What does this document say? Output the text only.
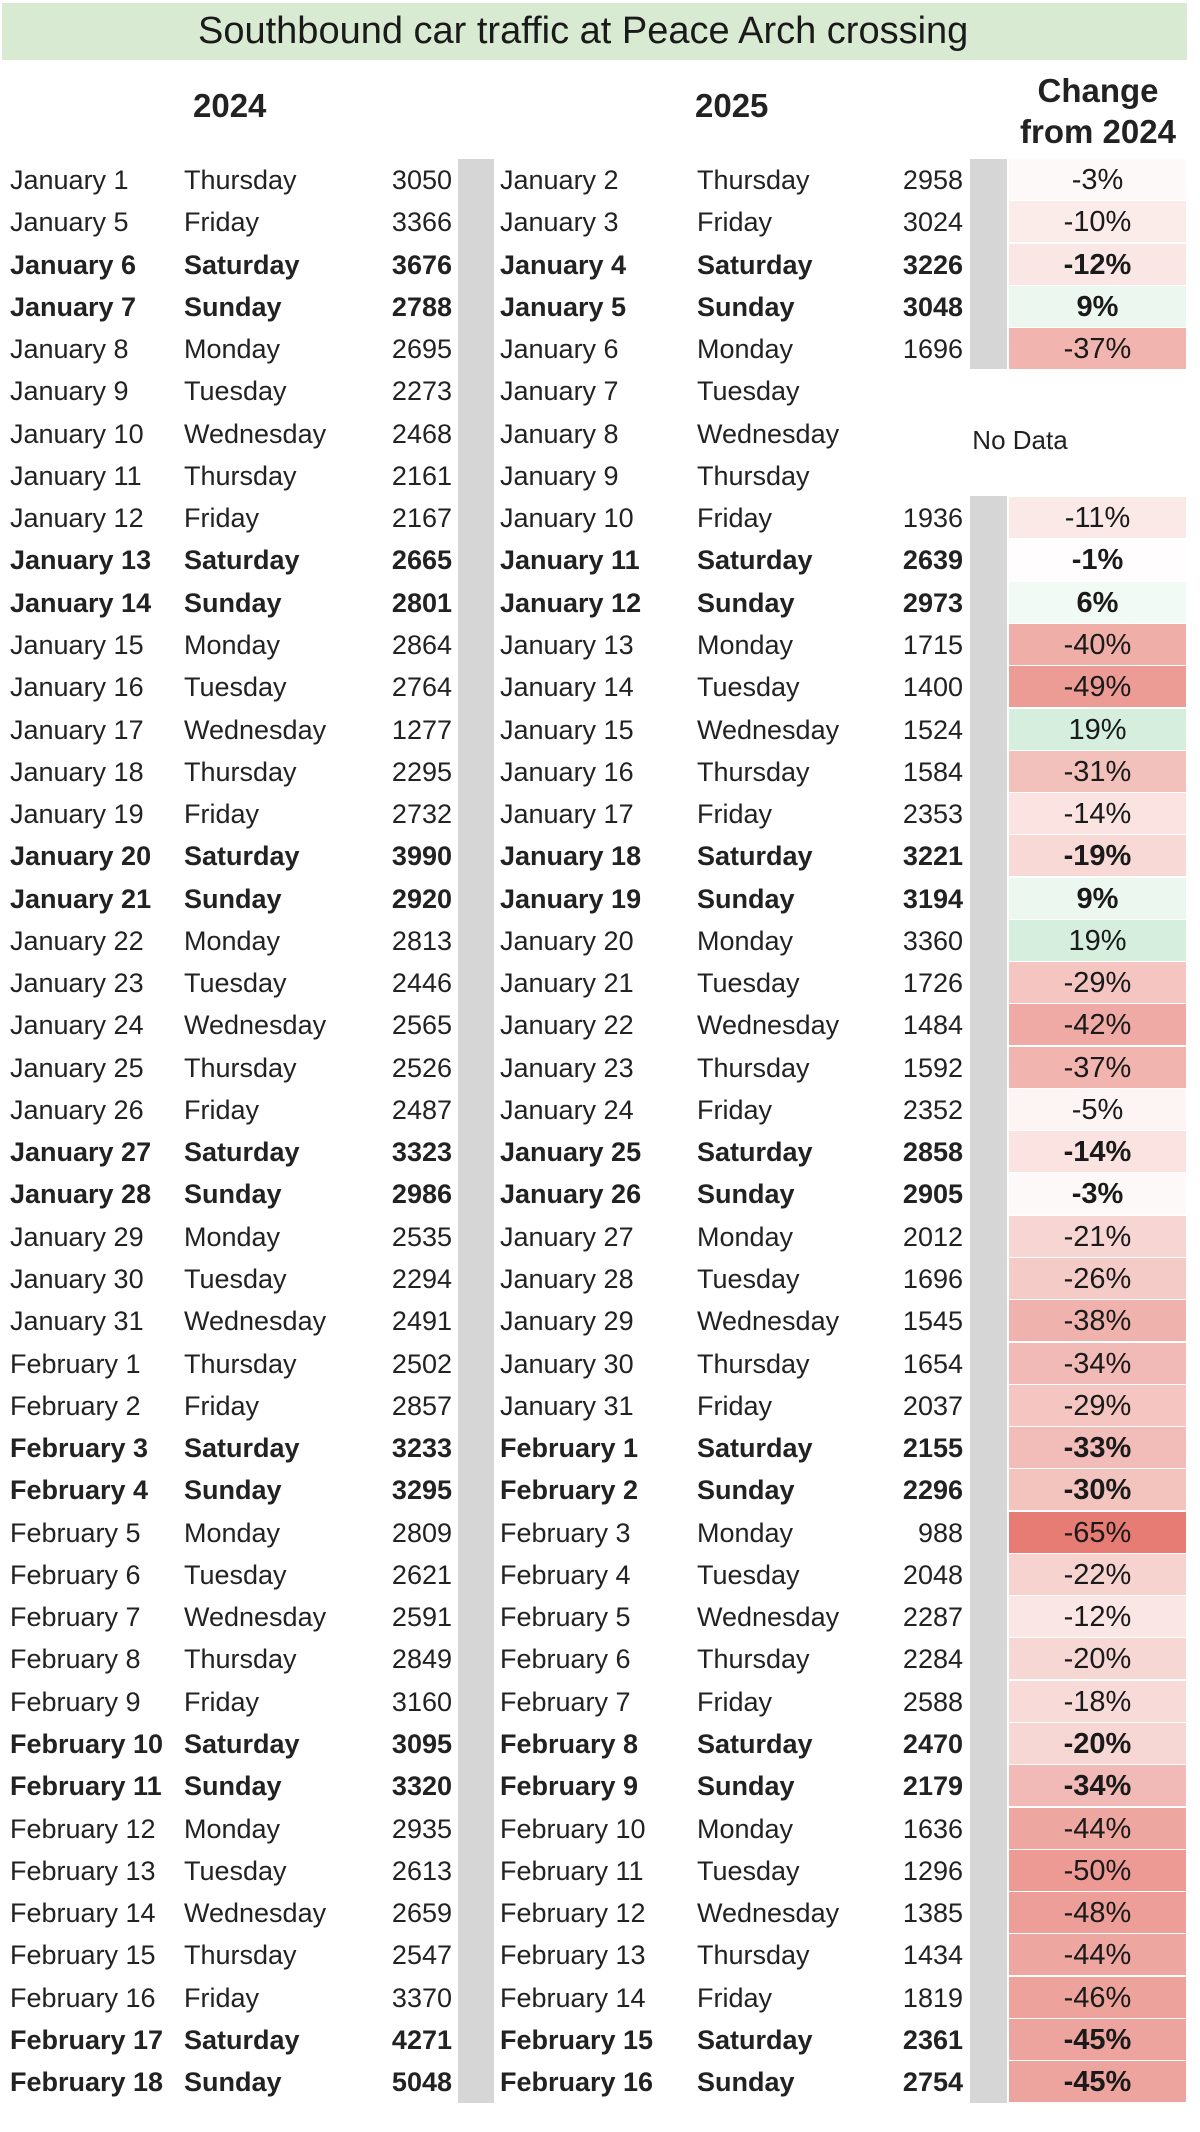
Southbound car traffic at Peace Arch crossing
2024	2025	Change
from 2024
No Data
January 1 Thursday	3050 January 2	Thursday	2958	-3%
January 5 Friday	3366 January 3	Friday	3024	-10%
January 6 Saturday	3676 January 4	Saturday	3226	-12%
January 7 Sunday	2788 January 5	Sunday	3048	9%
January 8 Monday	2695 January 6	Monday	1696	-37%
January 9 Tuesday	2273 January 7	Tuesday
January 10 Wednesday	2468 January 8	Wednesday
January 11 Thursday	2161 January 9	Thursday
January 12 Friday	2167 January 10 Friday	1936	-11%
January 13 Saturday	2665 January 11 Saturday	2639	-1%
January 14 Sunday	2801 January 12 Sunday	2973	6%
January 15 Monday	2864 January 13 Monday	1715	-40%
January 16 Tuesday	2764 January 14 Tuesday	1400	-49%
January 17 Wednesday	1277 January 15 Wednesday	1524	19%
January 18 Thursday	2295 January 16 Thursday	1584	-31%
January 19 Friday	2732 January 17 Friday	2353	-14%
January 20 Saturday	3990 January 18 Saturday	3221	-19%
January 21 Sunday	2920 January 19 Sunday	3194	9%
January 22 Monday	2813 January 20 Monday	3360	19%
January 23 Tuesday	2446 January 21 Tuesday	1726	-29%
January 24 Wednesday	2565 January 22 Wednesday	1484	-42%
January 25 Thursday	2526 January 23 Thursday	1592	-37%
January 26 Friday	2487 January 24 Friday	2352	-5%
January 27 Saturday	3323 January 25 Saturday	2858	-14%
January 28 Sunday	2986 January 26 Sunday	2905	-3%
January 29 Monday	2535 January 27 Monday	2012	-21%
January 30 Tuesday	2294 January 28 Tuesday	1696	-26%
January 31 Wednesday	2491 January 29 Wednesday	1545	-38%
February 1 Thursday	2502 January 30 Thursday	1654	-34%
February 2 Friday	2857 January 31 Friday	2037	-29%
February 3 Saturday	3233 February 1 Saturday	2155	-33%
February 4 Sunday	3295 February 2 Sunday	2296	-30%
February 5 Monday	2809 February 3 Monday	988	-65%
February 6 Tuesday	2621 February 4 Tuesday	2048	-22%
February 7 Wednesday	2591 February 5 Wednesday	2287	-12%
February 8 Thursday	2849 February 6 Thursday	2284	-20%
February 9 Friday	3160 February 7 Friday	2588	-18%
February 10 Saturday	3095 February 8 Saturday	2470	-20%
February 11 Sunday	3320 February 9 Sunday	2179	-34%
February 12 Monday	2935 February 10 Monday	1636	-44%
February 13 Tuesday	2613 February 11 Tuesday	1296	-50%
February 14 Wednesday	2659 February 12 Wednesday	1385	-48%
February 15 Thursday	2547 February 13 Thursday	1434	-44%
February 16 Friday	3370 February 14 Friday	1819	-46%
February 17 Saturday	4271 February 15 Saturday	2361	-45%
February 18 Sunday	5048 February 16 Sunday	2754	-45%
